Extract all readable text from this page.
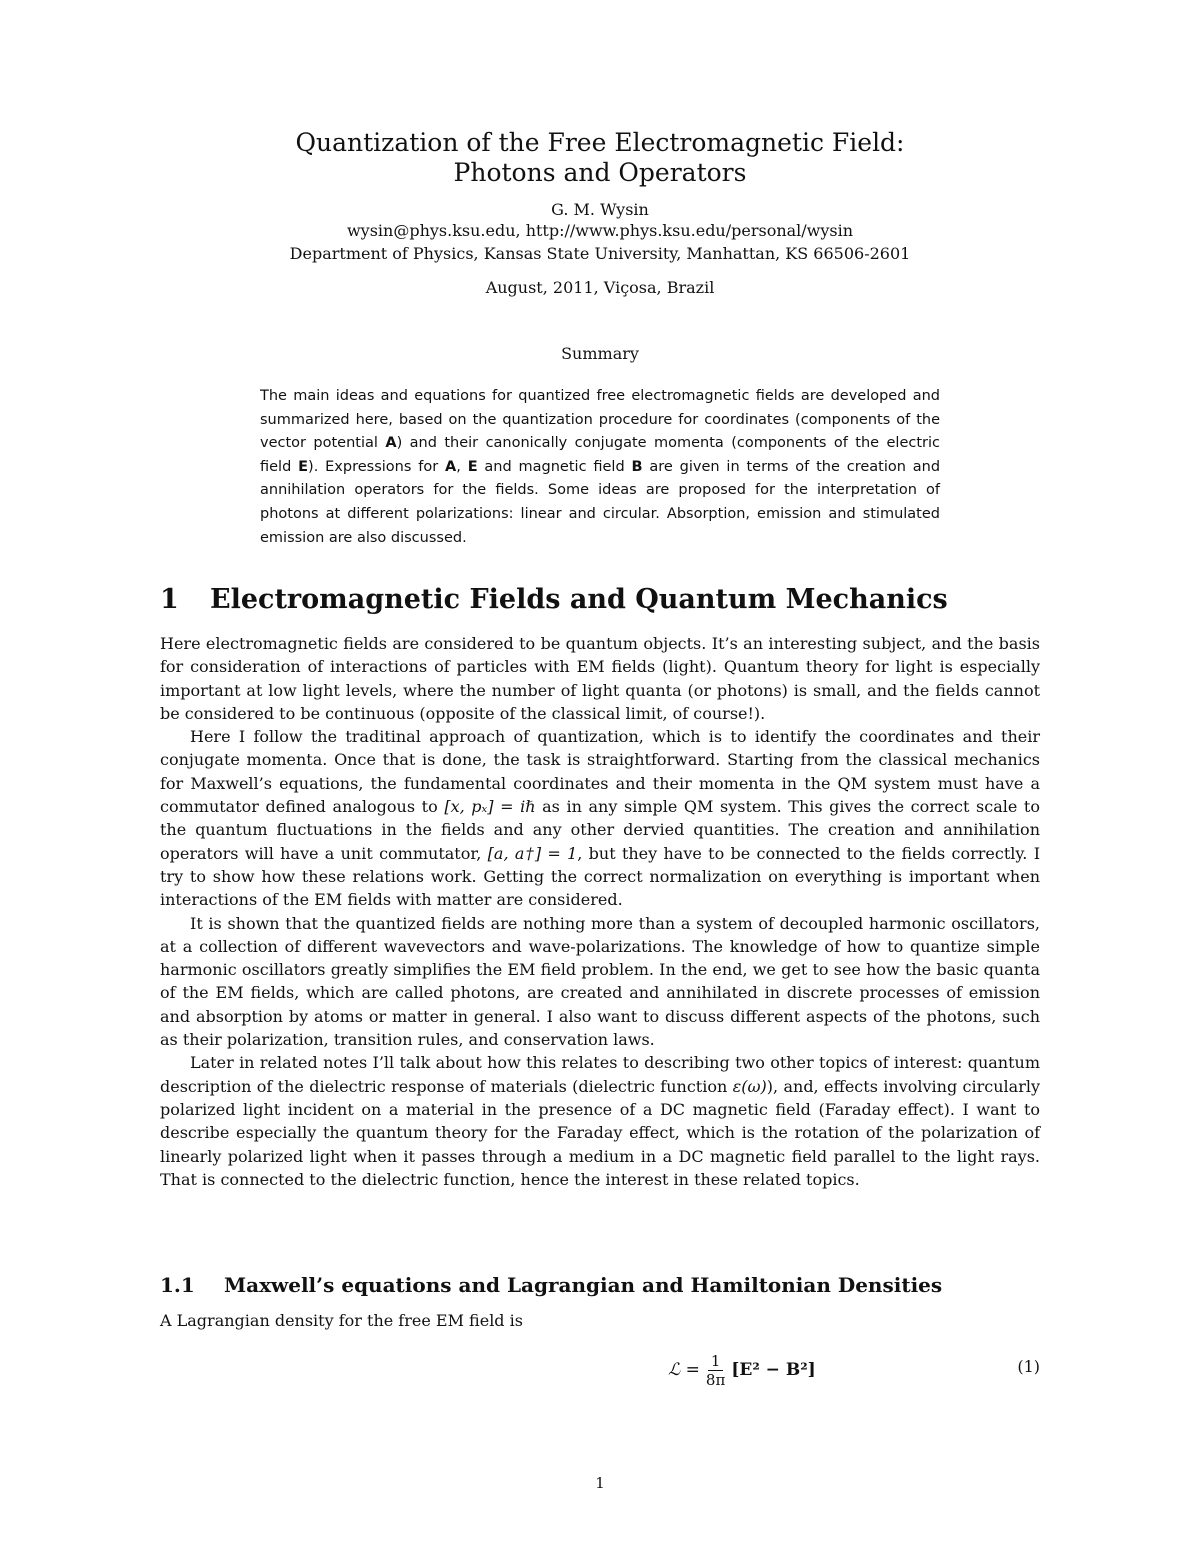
Quantization of the Free Electromagnetic Field:
Photons and Operators
G. M. Wysin
wysin@phys.ksu.edu, http://www.phys.ksu.edu/personal/wysin
Department of Physics, Kansas State University, Manhattan, KS 66506-2601
August, 2011, Viçosa, Brazil
Summary

The main ideas and equations for quantized free electromagnetic fields are developed and summarized here, based on the quantization procedure for coordinates (components of the vector potential A) and their canonically conjugate momenta (components of the electric field E). Expressions for A, E and magnetic field B are given in terms of the creation and annihilation operators for the fields. Some ideas are proposed for the interpretation of photons at different polarizations: linear and circular. Absorption, emission and stimulated emission are also discussed.

1 Electromagnetic Fields and Quantum Mechanics

Here electromagnetic fields are considered to be quantum objects. It’s an interesting subject, and the basis for consideration of interactions of particles with EM fields (light). Quantum theory for light is especially important at low light levels, where the number of light quanta (or photons) is small, and the fields cannot be considered to be continuous (opposite of the classical limit, of course!).

Here I follow the traditinal approach of quantization, which is to identify the coordinates and their conjugate momenta. Once that is done, the task is straightforward. Starting from the classical mechanics for Maxwell’s equations, the fundamental coordinates and their momenta in the QM system must have a commutator defined analogous to [x, pₓ] = iℏ as in any simple QM system. This gives the correct scale to the quantum fluctuations in the fields and any other dervied quantities. The creation and annihilation operators will have a unit commutator, [a, a†] = 1, but they have to be connected to the fields correctly. I try to show how these relations work. Getting the correct normalization on everything is important when interactions of the EM fields with matter are considered.

It is shown that the quantized fields are nothing more than a system of decoupled harmonic oscillators, at a collection of different wavevectors and wave-polarizations. The knowledge of how to quantize simple harmonic oscillators greatly simplifies the EM field problem. In the end, we get to see how the basic quanta of the EM fields, which are called photons, are created and annihilated in discrete processes of emission and absorption by atoms or matter in general. I also want to discuss different aspects of the photons, such as their polarization, transition rules, and conservation laws.

Later in related notes I’ll talk about how this relates to describing two other topics of interest: quantum description of the dielectric response of materials (dielectric function ε(ω)), and, effects involving circularly polarized light incident on a material in the presence of a DC magnetic field (Faraday effect). I want to describe especially the quantum theory for the Faraday effect, which is the rotation of the polarization of linearly polarized light when it passes through a medium in a DC magnetic field parallel to the light rays. That is connected to the dielectric function, hence the interest in these related topics.

1.1 Maxwell’s equations and Lagrangian and Hamiltonian Densities
A Lagrangian density for the free EM field is
ℒ = $\frac{1}{8\pi} [E^2 - B^2]$	(1)
1
